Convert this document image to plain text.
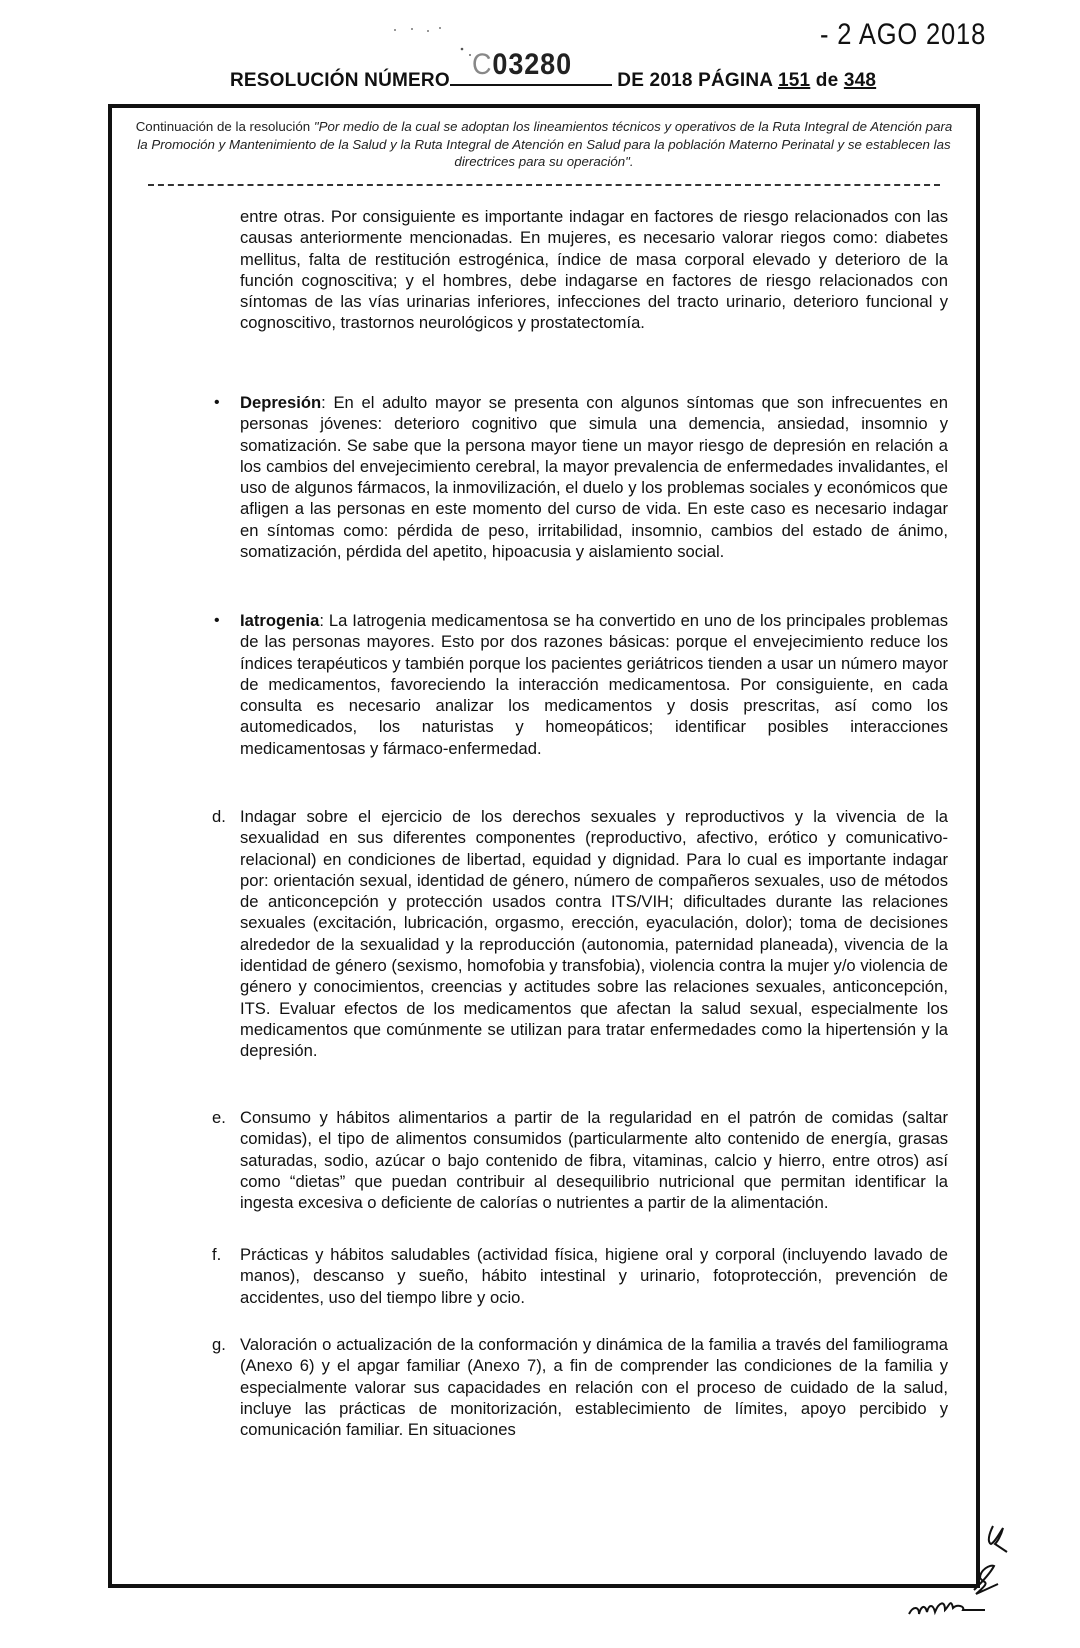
- 2 AGO 2018
C03280
RESOLUCIÓN NÚMERO	DE 2018 PÁGINA 151 de 348
Continuación de la resolución "Por medio de la cual se adoptan los lineamientos técnicos y operativos de la Ruta Integral de Atención para la Promoción y Mantenimiento de la Salud y la Ruta Integral de Atención en Salud para la población Materno Perinatal y se establecen las directrices para su operación".
entre otras. Por consiguiente es importante indagar en factores de riesgo relacionados con las causas anteriormente mencionadas. En mujeres, es necesario valorar riegos como: diabetes mellitus, falta de restitución estrogénica, índice de masa corporal elevado y deterioro de la función cognoscitiva; y el hombres, debe indagarse en factores de riesgo relacionados con síntomas de las vías urinarias inferiores, infecciones del tracto urinario, deterioro funcional y cognoscitivo, trastornos neurológicos y prostatectomía.
• Depresión: En el adulto mayor se presenta con algunos síntomas que son infrecuentes en personas jóvenes: deterioro cognitivo que simula una demencia, ansiedad, insomnio y somatización. Se sabe que la persona mayor tiene un mayor riesgo de depresión en relación a los cambios del envejecimiento cerebral, la mayor prevalencia de enfermedades invalidantes, el uso de algunos fármacos, la inmovilización, el duelo y los problemas sociales y económicos que afligen a las personas en este momento del curso de vida. En este caso es necesario indagar en síntomas como: pérdida de peso, irritabilidad, insomnio, cambios del estado de ánimo, somatización, pérdida del apetito, hipoacusia y aislamiento social.
• Iatrogenia: La Iatrogenia medicamentosa se ha convertido en uno de los principales problemas de las personas mayores. Esto por dos razones básicas: porque el envejecimiento reduce los índices terapéuticos y también porque los pacientes geriátricos tienden a usar un número mayor de medicamentos, favoreciendo la interacción medicamentosa. Por consiguiente, en cada consulta es necesario analizar los medicamentos y dosis prescritas, así como los automedicados, los naturistas y homeopáticos; identificar posibles interacciones medicamentosas y fármaco-enfermedad.
d. Indagar sobre el ejercicio de los derechos sexuales y reproductivos y la vivencia de la sexualidad en sus diferentes componentes (reproductivo, afectivo, erótico y comunicativo- relacional) en condiciones de libertad, equidad y dignidad. Para lo cual es importante indagar por: orientación sexual, identidad de género, número de compañeros sexuales, uso de métodos de anticoncepción y protección usados contra ITS/VIH; dificultades durante las relaciones sexuales (excitación, lubricación, orgasmo, erección, eyaculación, dolor); toma de decisiones alrededor de la sexualidad y la reproducción (autonomia, paternidad planeada), vivencia de la identidad de género (sexismo, homofobia y transfobia), violencia contra la mujer y/o violencia de género y conocimientos, creencias y actitudes sobre las relaciones sexuales, anticoncepción, ITS. Evaluar efectos de los medicamentos que afectan la salud sexual, especialmente los medicamentos que comúnmente se utilizan para tratar enfermedades como la hipertensión y la depresión.
e. Consumo y hábitos alimentarios a partir de la regularidad en el patrón de comidas (saltar comidas), el tipo de alimentos consumidos (particularmente alto contenido de energía, grasas saturadas, sodio, azúcar o bajo contenido de fibra, vitaminas, calcio y hierro, entre otros) así como “dietas” que puedan contribuir al desequilibrio nutricional que permitan identificar la ingesta excesiva o deficiente de calorías o nutrientes a partir de la alimentación.
f. Prácticas y hábitos saludables (actividad física, higiene oral y corporal (incluyendo lavado de manos), descanso y sueño, hábito intestinal y urinario, fotoprotección, prevención de accidentes, uso del tiempo libre y ocio.
g. Valoración o actualización de la conformación y dinámica de la familia a través del familiograma (Anexo 6) y el apgar familiar (Anexo 7), a fin de comprender las condiciones de la familia y especialmente valorar sus capacidades en relación con el proceso de cuidado de la salud, incluye las prácticas de monitorización, establecimiento de límites, apoyo percibido y comunicación familiar. En situaciones
